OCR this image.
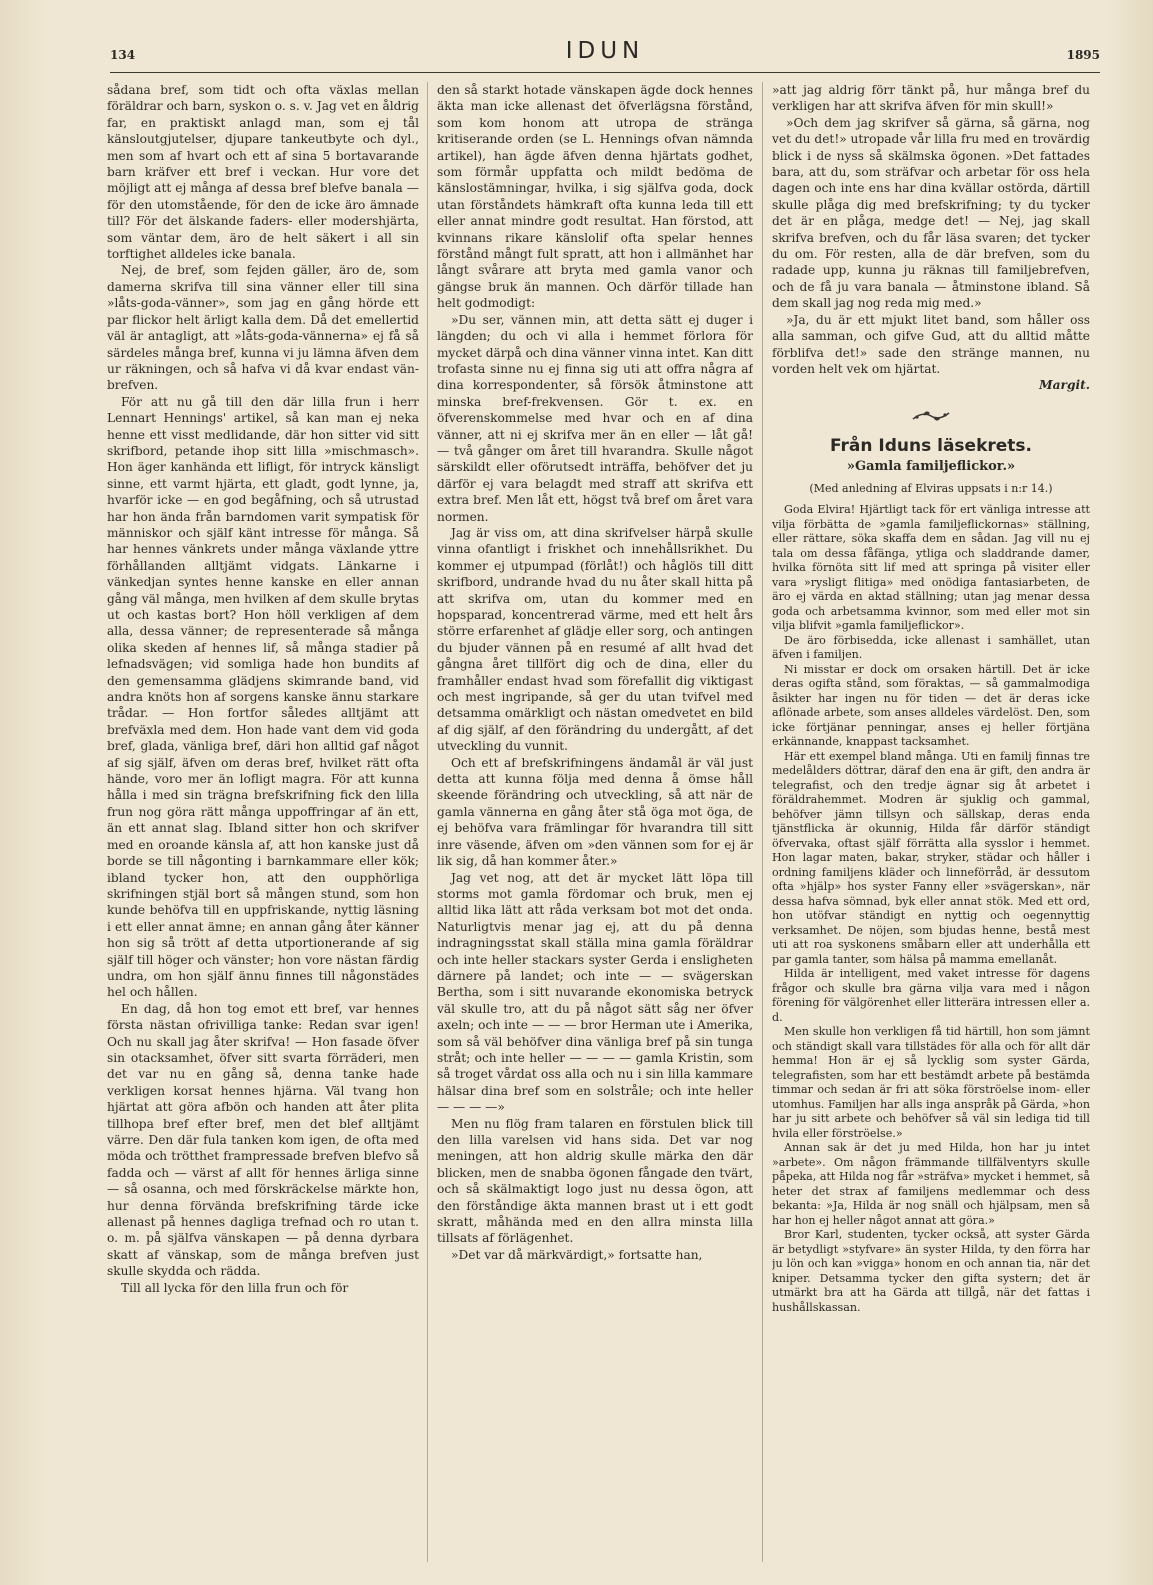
134	IDUN	1895

sådana bref, som tidt och ofta växlas mellan föräldrar och barn, syskon o. s. v. Jag vet en åldrig far, en praktiskt anlagd man, som ej tål känsloutgjutelser, djupare tankeutbyte och dyl., men som af hvart och ett af sina 5 bortavarande barn kräfver ett bref i veckan. Hur vore det möjligt att ej många af dessa bref blefve banala — för den utomstående, för den de icke äro ämnade till? För det älskande faders- eller modershjärta, som väntar dem, äro de helt säkert i all sin torftighet alldeles icke banala.

Nej, de bref, som fejden gäller, äro de, som damerna skrifva till sina vänner eller till sina »låts-goda-vänner», som jag en gång hörde ett par flickor helt ärligt kalla dem. Då det emellertid väl är antagligt, att »låts-goda-vännerna» ej få så särdeles många bref, kunna vi ju lämna äfven dem ur räkningen, och så hafva vi då kvar endast vän-brefven.

För att nu gå till den där lilla frun i herr Lennart Hennings' artikel, så kan man ej neka henne ett visst medlidande, där hon sitter vid sitt skrifbord, petande ihop sitt lilla »mischmasch». Hon äger kanhända ett lifligt, för intryck känsligt sinne, ett varmt hjärta, ett gladt, godt lynne, ja, hvarför icke — en god begåfning, och så utrustad har hon ända från barndomen varit sympatisk för människor och själf känt intresse för många. Så har hennes vänkrets under många växlande yttre förhållanden alltjämt vidgats. Länkarne i vänkedjan syntes henne kanske en eller annan gång väl många, men hvilken af dem skulle brytas ut och kastas bort? Hon höll verkligen af dem alla, dessa vänner; de representerade så många olika skeden af hennes lif, så många stadier på lefnadsvägen; vid somliga hade hon bundits af den gemensamma glädjens skimrande band, vid andra knöts hon af sorgens kanske ännu starkare trådar. — Hon fortfor således alltjämt att brefväxla med dem. Hon hade vant dem vid goda bref, glada, vänliga bref, däri hon alltid gaf något af sig själf, äfven om deras bref, hvilket rätt ofta hände, voro mer än lofligt magra. För att kunna hålla i med sin trägna brefskrifning fick den lilla frun nog göra rätt många uppoffringar af än ett, än ett annat slag. Ibland sitter hon och skrifver med en oroande känsla af, att hon kanske just då borde se till någonting i barnkammare eller kök; ibland tycker hon, att den oupphörliga skrifningen stjäl bort så mången stund, som hon kunde behöfva till en uppfriskande, nyttig läsning i ett eller annat ämne; en annan gång åter känner hon sig så trött af detta utportionerande af sig själf till höger och vänster; hon vore nästan färdig undra, om hon själf ännu finnes till någonstädes hel och hållen.

En dag, då hon tog emot ett bref, var hennes första nästan ofrivilliga tanke: Redan svar igen! Och nu skall jag åter skrifva! — Hon fasade öfver sin otacksamhet, öfver sitt svarta förräderi, men det var nu en gång så, denna tanke hade verkligen korsat hennes hjärna. Väl tvang hon hjärtat att göra afbön och handen att åter plita tillhopa bref efter bref, men det blef alltjämt värre. Den där fula tanken kom igen, de ofta med möda och trötthet frampressade brefven blefvo så fadda och — värst af allt för hennes ärliga sinne — så osanna, och med förskräckelse märkte hon, hur denna förvända brefskrifning tärde icke allenast på hennes dagliga trefnad och ro utan t. o. m. på själfva vänskapen — på denna dyrbara skatt af vänskap, som de många brefven just skulle skydda och rädda.

Till all lycka för den lilla frun och för

den så starkt hotade vänskapen ägde dock hennes äkta man icke allenast det öfverlägsna förstånd, som kom honom att utropa de stränga kritiserande orden (se L. Hennings ofvan nämnda artikel), han ägde äfven denna hjärtats godhet, som förmår uppfatta och mildt bedöma de känslostämningar, hvilka, i sig själfva goda, dock utan förståndets hämkraft ofta kunna leda till ett eller annat mindre godt resultat. Han förstod, att kvinnans rikare känslolif ofta spelar hennes förstånd mångt fult spratt, att hon i allmänhet har långt svårare att bryta med gamla vanor och gängse bruk än mannen. Och därför tillade han helt godmodigt:

»Du ser, vännen min, att detta sätt ej duger i längden; du och vi alla i hemmet förlora för mycket därpå och dina vänner vinna intet. Kan ditt trofasta sinne nu ej finna sig uti att offra några af dina korrespondenter, så försök åtminstone att minska bref-frekvensen. Gör t. ex. en öfverenskommelse med hvar och en af dina vänner, att ni ej skrifva mer än en eller — låt gå! — två gånger om året till hvarandra. Skulle något särskildt eller oförutsedt inträffa, behöfver det ju därför ej vara belagdt med straff att skrifva ett extra bref. Men låt ett, högst två bref om året vara normen.

Jag är viss om, att dina skrifvelser härpå skulle vinna ofantligt i friskhet och innehållsrikhet. Du kommer ej utpumpad (förlåt!) och håglös till ditt skrifbord, undrande hvad du nu åter skall hitta på att skrifva om, utan du kommer med en hopsparad, koncentrerad värme, med ett helt års större erfarenhet af glädje eller sorg, och antingen du bjuder vännen på en resumé af allt hvad det gångna året tillfört dig och de dina, eller du framhåller endast hvad som förefallit dig viktigast och mest ingripande, så ger du utan tvifvel med detsamma omärkligt och nästan omedvetet en bild af dig själf, af den förändring du undergått, af det utveckling du vunnit.

Och ett af brefskrifningens ändamål är väl just detta att kunna följa med denna å ömse håll skeende förändring och utveckling, så att när de gamla vännerna en gång åter stå öga mot öga, de ej behöfva vara främlingar för hvarandra till sitt inre väsende, äfven om »den vännen som for ej är lik sig, då han kommer åter.»

Jag vet nog, att det är mycket lätt löpa till storms mot gamla fördomar och bruk, men ej alltid lika lätt att råda verksam bot mot det onda. Naturligtvis menar jag ej, att du på denna indragningsstat skall ställa mina gamla föräldrar och inte heller stackars syster Gerda i ensligheten därnere på landet; och inte — — svägerskan Bertha, som i sitt nuvarande ekonomiska betryck väl skulle tro, att du på något sätt såg ner öfver axeln; och inte — — — bror Herman ute i Amerika, som så väl behöfver dina vänliga bref på sin tunga stråt; och inte heller — — — — gamla Kristin, som så troget vårdat oss alla och nu i sin lilla kammare hälsar dina bref som en solstråle; och inte heller — — — —»

Men nu flög fram talaren en förstulen blick till den lilla varelsen vid hans sida. Det var nog meningen, att hon aldrig skulle märka den där blicken, men de snabba ögonen fångade den tvärt, och så skälmaktigt logo just nu dessa ögon, att den förståndige äkta mannen brast ut i ett godt skratt, måhända med en den allra minsta lilla tillsats af förlägenhet.

»Det var då märkvärdigt,» fortsatte han,

»att jag aldrig förr tänkt på, hur många bref du verkligen har att skrifva äfven för min skull!»

»Och dem jag skrifver så gärna, så gärna, nog vet du det!» utropade vår lilla fru med en trovärdig blick i de nyss så skälmska ögonen. »Det fattades bara, att du, som sträfvar och arbetar för oss hela dagen och inte ens har dina kvällar ostörda, därtill skulle plåga dig med brefskrifning; ty du tycker det är en plåga, medge det! — Nej, jag skall skrifva brefven, och du får läsa svaren; det tycker du om. För resten, alla de där brefven, som du radade upp, kunna ju räknas till familjebrefven, och de få ju vara banala — åtminstone ibland. Så dem skall jag nog reda mig med.»

»Ja, du är ett mjukt litet band, som håller oss alla samman, och gifve Gud, att du alltid måtte förblifva det!» sade den stränge mannen, nu vorden helt vek om hjärtat.

Margit.
Från Iduns läsekrets.
»Gamla familjeflickor.»
(Med anledning af Elviras uppsats i n:r 14.)

Goda Elvira! Hjärtligt tack för ert vänliga intresse att vilja förbätta de »gamla familjeflickornas» ställning, eller rättare, söka skaffa dem en sådan. Jag vill nu ej tala om dessa fåfänga, ytliga och sladdrande damer, hvilka förnöta sitt lif med att springa på visiter eller vara »rysligt flitiga» med onödiga fantasiarbeten, de äro ej värda en aktad ställning; utan jag menar dessa goda och arbetsamma kvinnor, som med eller mot sin vilja blifvit »gamla familjeflickor».

De äro förbisedda, icke allenast i samhället, utan äfven i familjen.

Ni misstar er dock om orsaken härtill. Det är icke deras ogifta stånd, som föraktas, — så gammalmodiga åsikter har ingen nu för tiden — det är deras icke aflönade arbete, som anses alldeles värdelöst. Den, som icke förtjänar penningar, anses ej heller förtjäna erkännande, knappast tacksamhet.

Här ett exempel bland många. Uti en familj finnas tre medelålders döttrar, däraf den ena är gift, den andra är telegrafist, och den tredje ägnar sig åt arbetet i föräldrahemmet. Modren är sjuklig och gammal, behöfver jämn tillsyn och sällskap, deras enda tjänstflicka är okunnig, Hilda får därför ständigt öfvervaka, oftast själf förrätta alla sysslor i hemmet. Hon lagar maten, bakar, stryker, städar och håller i ordning familjens kläder och linneförråd, är dessutom ofta »hjälp» hos syster Fanny eller »svägerskan», när dessa hafva sömnad, byk eller annat stök. Med ett ord, hon utöfvar ständigt en nyttig och oegennyttig verksamhet. De nöjen, som bjudas henne, bestå mest uti att roa syskonens småbarn eller att underhålla ett par gamla tanter, som hälsa på mamma emellanåt.

Hilda är intelligent, med vaket intresse för dagens frågor och skulle bra gärna vilja vara med i någon förening för välgörenhet eller litterära intressen eller a. d.

Men skulle hon verkligen få tid härtill, hon som jämnt och ständigt skall vara tillstädes för alla och för allt där hemma! Hon är ej så lycklig som syster Gärda, telegrafisten, som har ett bestämdt arbete på bestämda timmar och sedan är fri att söka förströelse inom- eller utomhus. Familjen har alls inga anspråk på Gärda, »hon har ju sitt arbete och behöfver så väl sin lediga tid till hvila eller förströelse.»

Annan sak är det ju med Hilda, hon har ju intet »arbete». Om någon främmande tillfälventyrs skulle påpeka, att Hilda nog får »sträfva» mycket i hemmet, så heter det strax af familjens medlemmar och dess bekanta: »Ja, Hilda är nog snäll och hjälpsam, men så har hon ej heller något annat att göra.»

Bror Karl, studenten, tycker också, att syster Gärda är betydligt »styfvare» än syster Hilda, ty den förra har ju lön och kan »vigga» honom en och annan tia, när det kniper. Detsamma tycker den gifta systern; det är utmärkt bra att ha Gärda att tillgå, när det fattas i hushållskassan.
